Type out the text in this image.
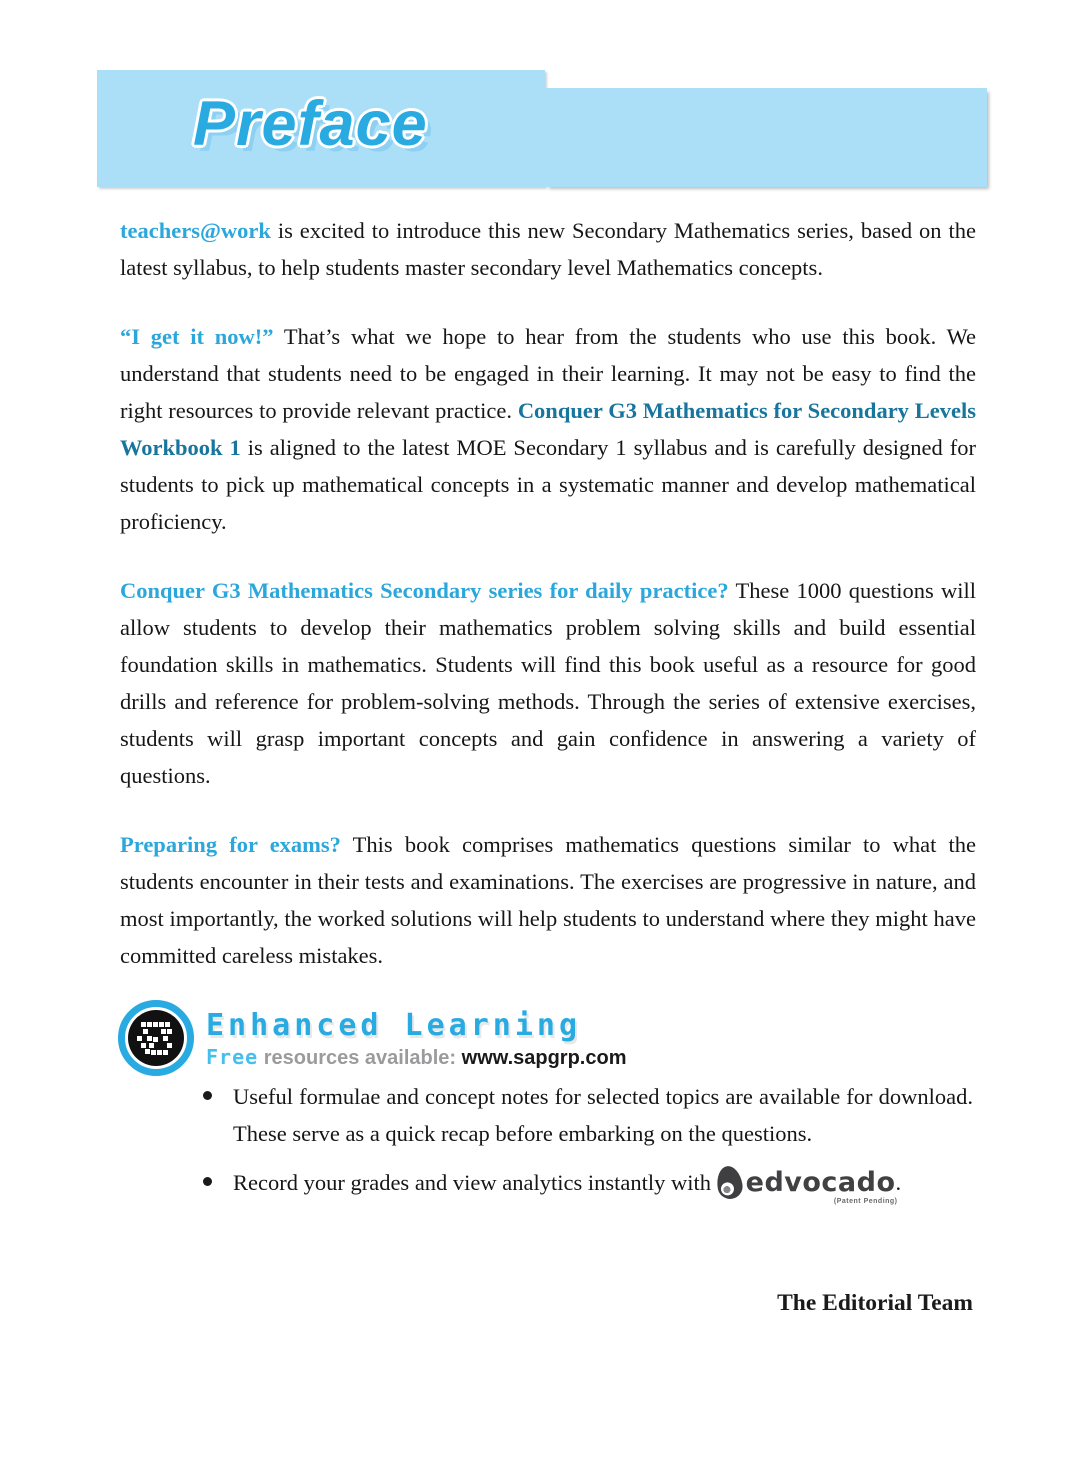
Preface

teachers@work is excited to introduce this new Secondary Mathematics series, based on the latest syllabus, to help students master secondary level Mathematics concepts.

“I get it now!” That’s what we hope to hear from the students who use this book. We understand that students need to be engaged in their learning. It may not be easy to find the right resources to provide relevant practice. Conquer G3 Mathematics for Secondary Levels Workbook 1 is aligned to the latest MOE Secondary 1 syllabus and is carefully designed for students to pick up mathematical concepts in a systematic manner and develop mathematical proficiency.

Conquer G3 Mathematics Secondary series for daily practice? These 1000 questions will allow students to develop their mathematics problem solving skills and build essential foundation skills in mathematics. Students will find this book useful as a resource for good drills and reference for problem-solving methods. Through the series of extensive exercises, students will grasp important concepts and gain confidence in answering a variety of questions.

Preparing for exams? This book comprises mathematics questions similar to what the students encounter in their tests and examinations. The exercises are progressive in nature, and most importantly, the worked solutions will help students to understand where they might have committed careless mistakes.

Enhanced Learning

Free resources available: www.sapgrp.com
Useful formulae and concept notes for selected topics are available for download. These serve as a quick recap before embarking on the questions.
Record your grades and view analytics instantly with edvocado
(Patent Pending)
.
The Editorial Team
